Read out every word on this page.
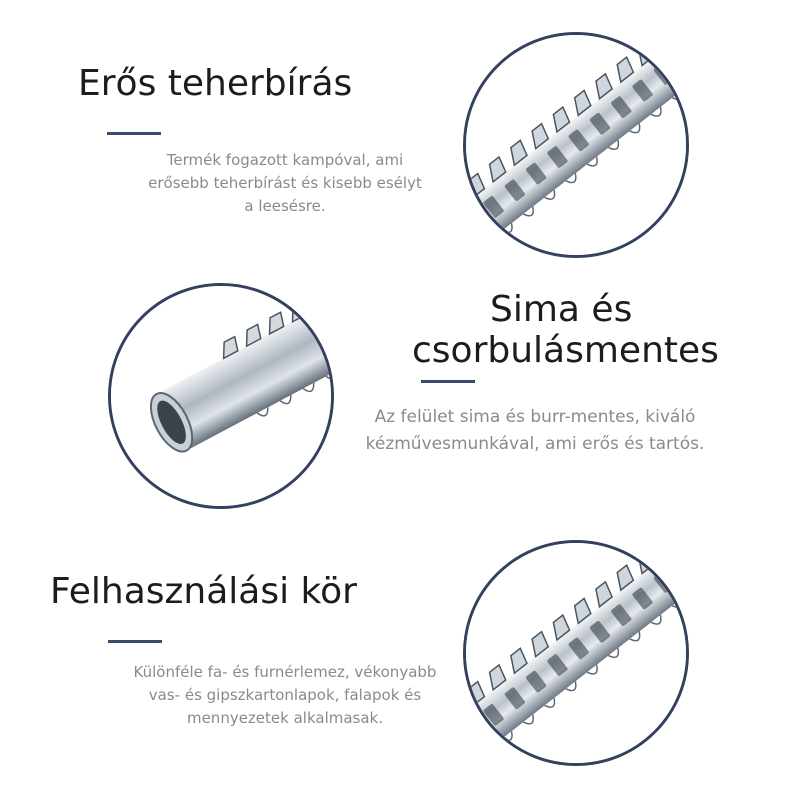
Erős teherbírás
Termék fogazott kampóval, ami
erősebb teherbírást és kisebb esélyt
a leesésre.
Sima és
csorbulásmentes
Az felület sima és burr-mentes, kiváló
kézművesmunkával, ami erős és tartós.
Felhasználási kör
Különféle fa- és furnérlemez, vékonyabb
vas- és gipszkartonlapok, falapok és
mennyezetek alkalmasak.
